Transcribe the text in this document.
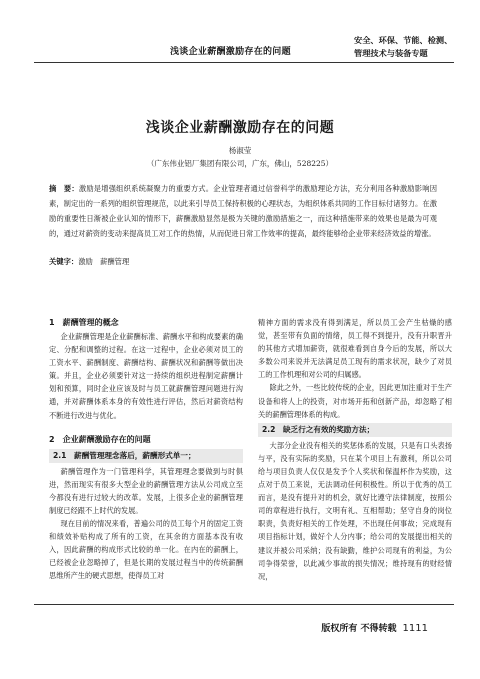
浅谈企业薪酬激励存在的问题
安全、环保、节能、检测、
管理技术与装备专题
浅谈企业薪酬激励存在的问题
杨淑莹
（广东伟业铝厂集团有限公司，广东，佛山，528225）
摘　要：激励是增强组织系统凝聚力的重要方式。企业管理者通过信誉科学的激励理论方法，充分利用各种激励影响因素，制定出的一系列的组织管理规范，以此来引导员工保持积极的心理状态，为组织体系共同的工作目标付诸努力。在激励的重要性日渐被企业认知的情形下，薪酬激励显然是极为关键的激励措施之一，而这种措施带来的效果也是最为可观的，通过对薪资的变动来提高员工对工作的热情，从而促进日常工作效率的提高，最终能够给企业带来经济效益的增涨。
关键字：激励　薪酬管理
1　薪酬管理的概念

企业薪酬管理是企业薪酬标准、薪酬水平和构成要素的确定、分配和调整的过程。在这一过程中，企业必须对员工的工资水平、薪酬制度、薪酬结构、薪酬状况和薪酬等做出决策。并且，企业必须要针对这一持续的组织进程制定薪酬计划和预算，同时企业应该及时与员工就薪酬管理问题进行沟通，并对薪酬体系本身的有效性进行评估，然后对薪资结构不断进行改进与优化。

2　企业薪酬激励存在的问题
2.1　薪酬管理理念落后，薪酬形式单一；

薪酬管理作为一门管理科学，其管理理念要做到与时俱进，然而现实有很多大型企业的薪酬管理方法从公司成立至今都没有进行过较大的改革。发展，上很多企业的薪酬管理制度已经跟不上时代的发展。

现在目前的情况来看，普遍公司的员工每个月的固定工资和绩效补贴构成了所有的工资，在其余的方面基本没有收入，因此薪酬的构成形式比较的单一化。在内在的薪酬上，已经被企业忽略掉了，但是长期的发展过程当中的传统薪酬思维所产生的硬式思想，使得员工对

精神方面的需求没有得到满足，所以员工会产生枯燥的感觉，甚至带有负面的情绪，员工得不到提升，没有升职晋升的其他方式增加薪资，就很难看到自身今后的发展，所以大多数公司来说并无法满足员工现有的需求状况，缺少了对员工的工作机理和对公司的归属感。

除此之外，一些比较传统的企业，因此更加注重对于生产设备和将人上的投资，对市场开拓和创新产品，却忽略了相关的薪酬管理体系的构成。

2.2　缺乏行之有效的奖励方法；

大部分企业没有相关的奖惩体系的发展，只是有口头表扬与平，没有实际的奖励，只在某个项目上有激利，所以公司给与项目负责人仅仅是发予个人奖状和保温杯作为奖励，这点对于员工来说，无法调动任何积极性。所以于优秀的员工而言，是没有提升对的机会，就好比遵守法律制度，按照公司的章程进行执行，文明有礼、互相帮助；坚守自身的岗位职责，负责好相关的工作处理，不出现任何事故；完成现有项目指标计划，做好个人分内事；给公司的发展提出相关的建议并被公司采纳；没有缺勤，维护公司现有的利益，为公司争得荣誉，以此减少事故的损失情况；维持现有的财经情况，

版权所有 不得转载 1111
